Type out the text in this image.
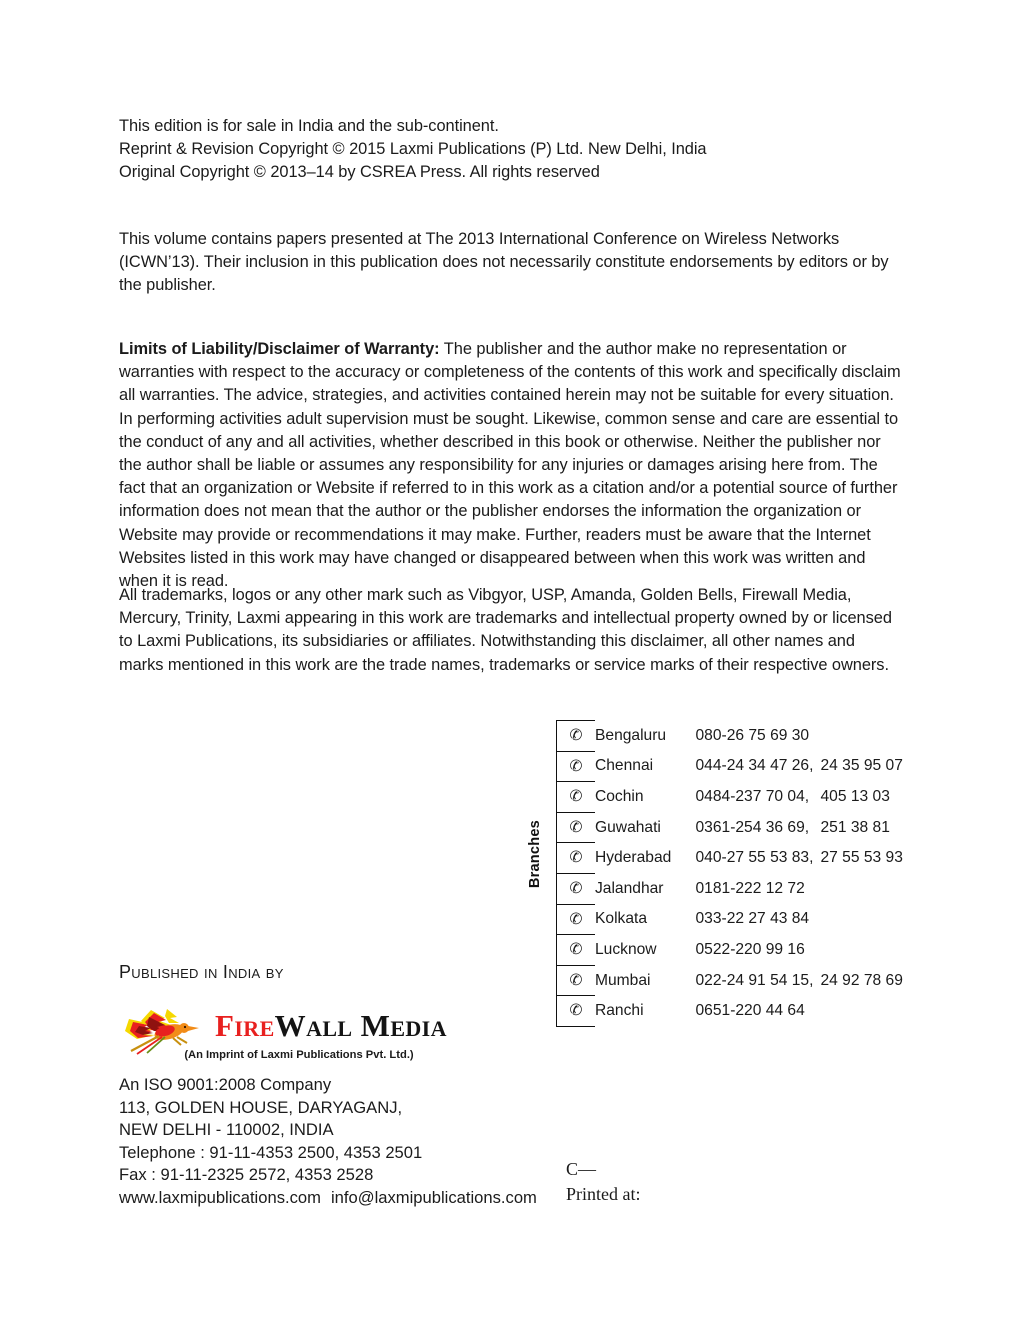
This edition is for sale in India and the sub-continent.
Reprint & Revision Copyright © 2015 Laxmi Publications (P) Ltd. New Delhi, India
Original Copyright © 2013–14 by CSREA Press. All rights reserved

This volume contains papers presented at The 2013 International Conference on Wireless Networks (ICWN’13). Their inclusion in this publication does not necessarily constitute endorsements by editors or by the publisher.

Limits of Liability/Disclaimer of Warranty: The publisher and the author make no representation or warranties with respect to the accuracy or completeness of the contents of this work and specifically disclaim all warranties. The advice, strategies, and activities contained herein may not be suitable for every situation. In performing activities adult supervision must be sought. Likewise, common sense and care are essential to the conduct of any and all activities, whether described in this book or otherwise. Neither the publisher nor the author shall be liable or assumes any responsibility for any injuries or damages arising here from. The fact that an organization or Website if referred to in this work as a citation and/or a potential source of further information does not mean that the author or the publisher endorses the information the organization or Website may provide or recommendations it may make. Further, readers must be aware that the Internet Websites listed in this work may have changed or disappeared between when this work was written and when it is read.

All trademarks, logos or any other mark such as Vibgyor, USP, Amanda, Golden Bells, Firewall Media, Mercury, Trinity, Laxmi appearing in this work are trademarks and intellectual property owned by or licensed to Laxmi Publications, its subsidiaries or affiliates. Notwithstanding this disclaimer, all other names and marks mentioned in this work are the trade names, trademarks or service marks of their respective owners.

Branches
✆	Bengaluru	080-26 75 69 30	
✆	Chennai	044-24 34 47 26,	24 35 95 07
✆	Cochin	0484-237 70 04,	405 13 03
✆	Guwahati	0361-254 36 69,	251 38 81
✆	Hyderabad	040-27 55 53 83,	27 55 53 93
✆	Jalandhar	0181-222 12 72	
✆	Kolkata	033-22 27 43 84	
✆	Lucknow	0522-220 99 16	
✆	Mumbai	022-24 91 54 15,	24 92 78 69
✆	Ranchi	0651-220 44 64	
Published in India by
FireWall Media
(An Imprint of Laxmi Publications Pvt. Ltd.)
An ISO 9001:2008 Company
113, GOLDEN HOUSE, DARYAGANJ,
NEW DELHI - 110002, INDIA
Telephone : 91-11-4353 2500, 4353 2501
Fax : 91-11-2325 2572, 4353 2528
www.laxmipublications.com info@laxmipublications.com
C—
Printed at:
